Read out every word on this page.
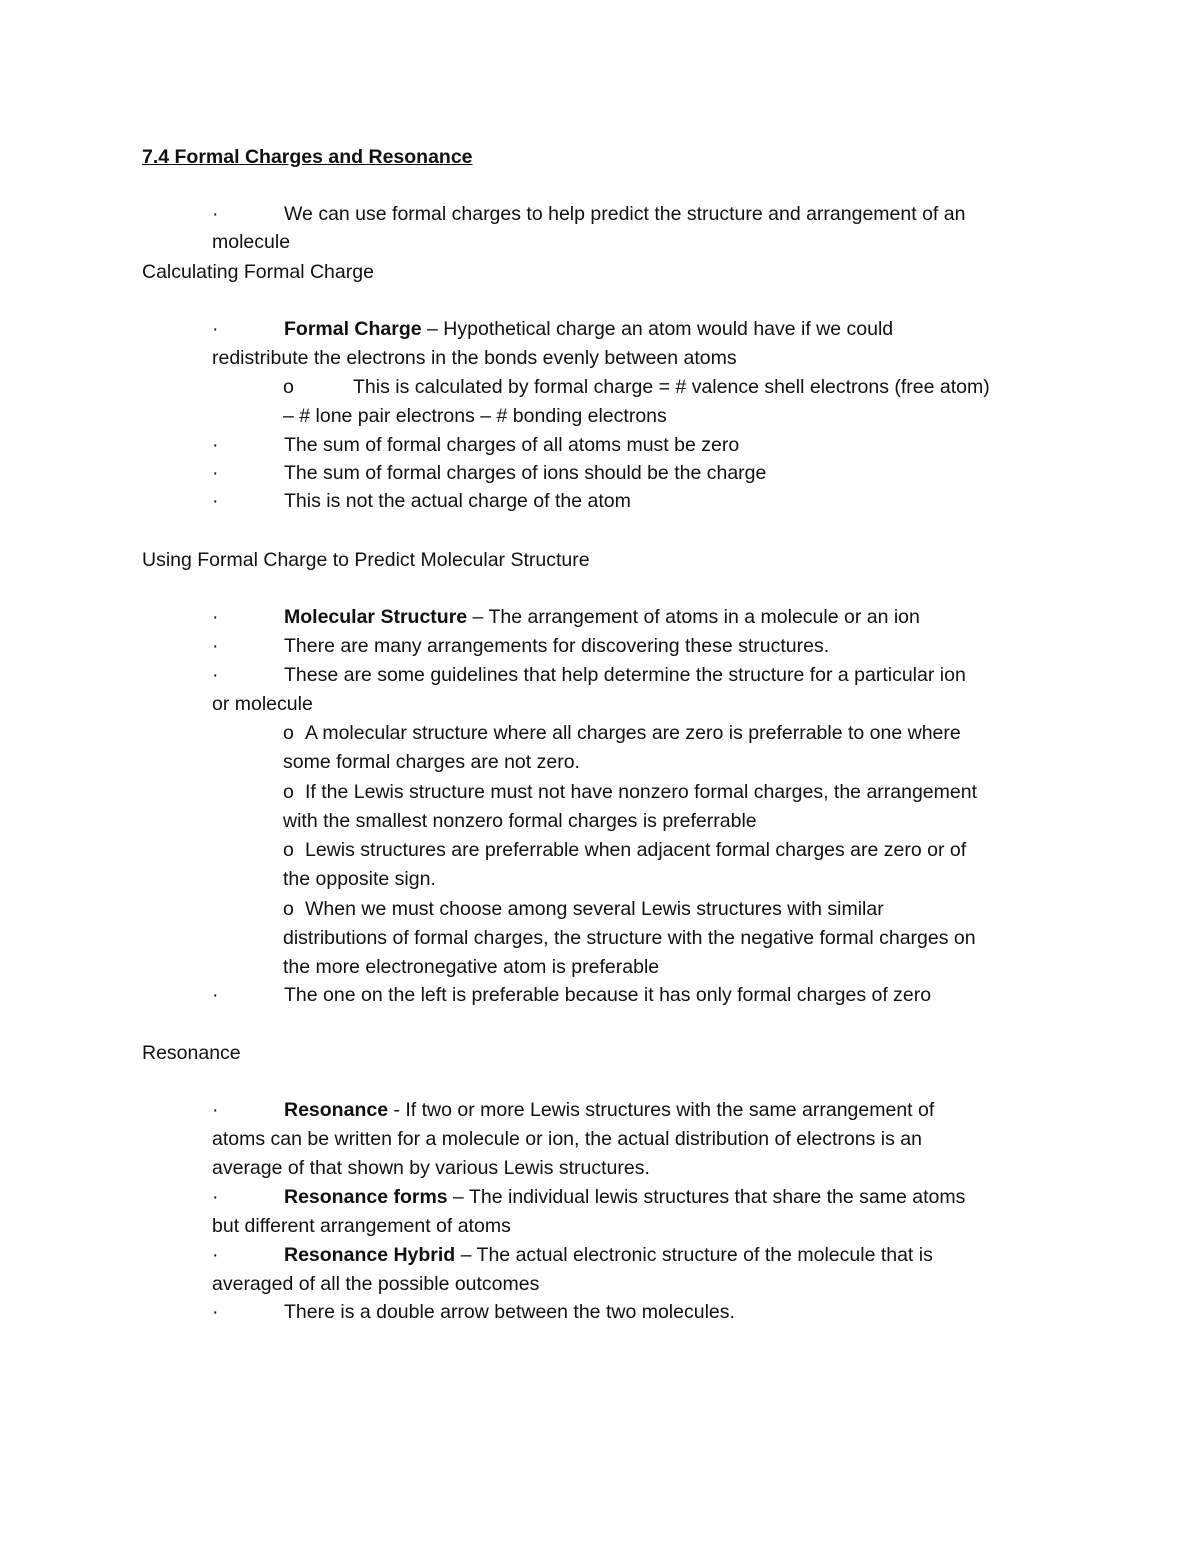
7.4 Formal Charges and Resonance
·	We can use formal charges to help predict the structure and arrangement of an
molecule
Calculating Formal Charge
·	Formal Charge – Hypothetical charge an atom would have if we could
redistribute the electrons in the bonds evenly between atoms
o	This is calculated by formal charge = # valence shell electrons (free atom)
– # lone pair electrons – # bonding electrons
·	The sum of formal charges of all atoms must be zero
·	The sum of formal charges of ions should be the charge
·	This is not the actual charge of the atom
Using Formal Charge to Predict Molecular Structure
·	Molecular Structure – The arrangement of atoms in a molecule or an ion
·	There are many arrangements for discovering these structures.
·	These are some guidelines that help determine the structure for a particular ion
or molecule
o A molecular structure where all charges are zero is preferrable to one where
some formal charges are not zero.
o If the Lewis structure must not have nonzero formal charges, the arrangement
with the smallest nonzero formal charges is preferrable
o Lewis structures are preferrable when adjacent formal charges are zero or of
the opposite sign.
o When we must choose among several Lewis structures with similar
distributions of formal charges, the structure with the negative formal charges on
the more electronegative atom is preferable
·	The one on the left is preferable because it has only formal charges of zero
Resonance
·	Resonance - If two or more Lewis structures with the same arrangement of
atoms can be written for a molecule or ion, the actual distribution of electrons is an
average of that shown by various Lewis structures.
·	Resonance forms – The individual lewis structures that share the same atoms
but different arrangement of atoms
·	Resonance Hybrid – The actual electronic structure of the molecule that is
averaged of all the possible outcomes
·	There is a double arrow between the two molecules.
